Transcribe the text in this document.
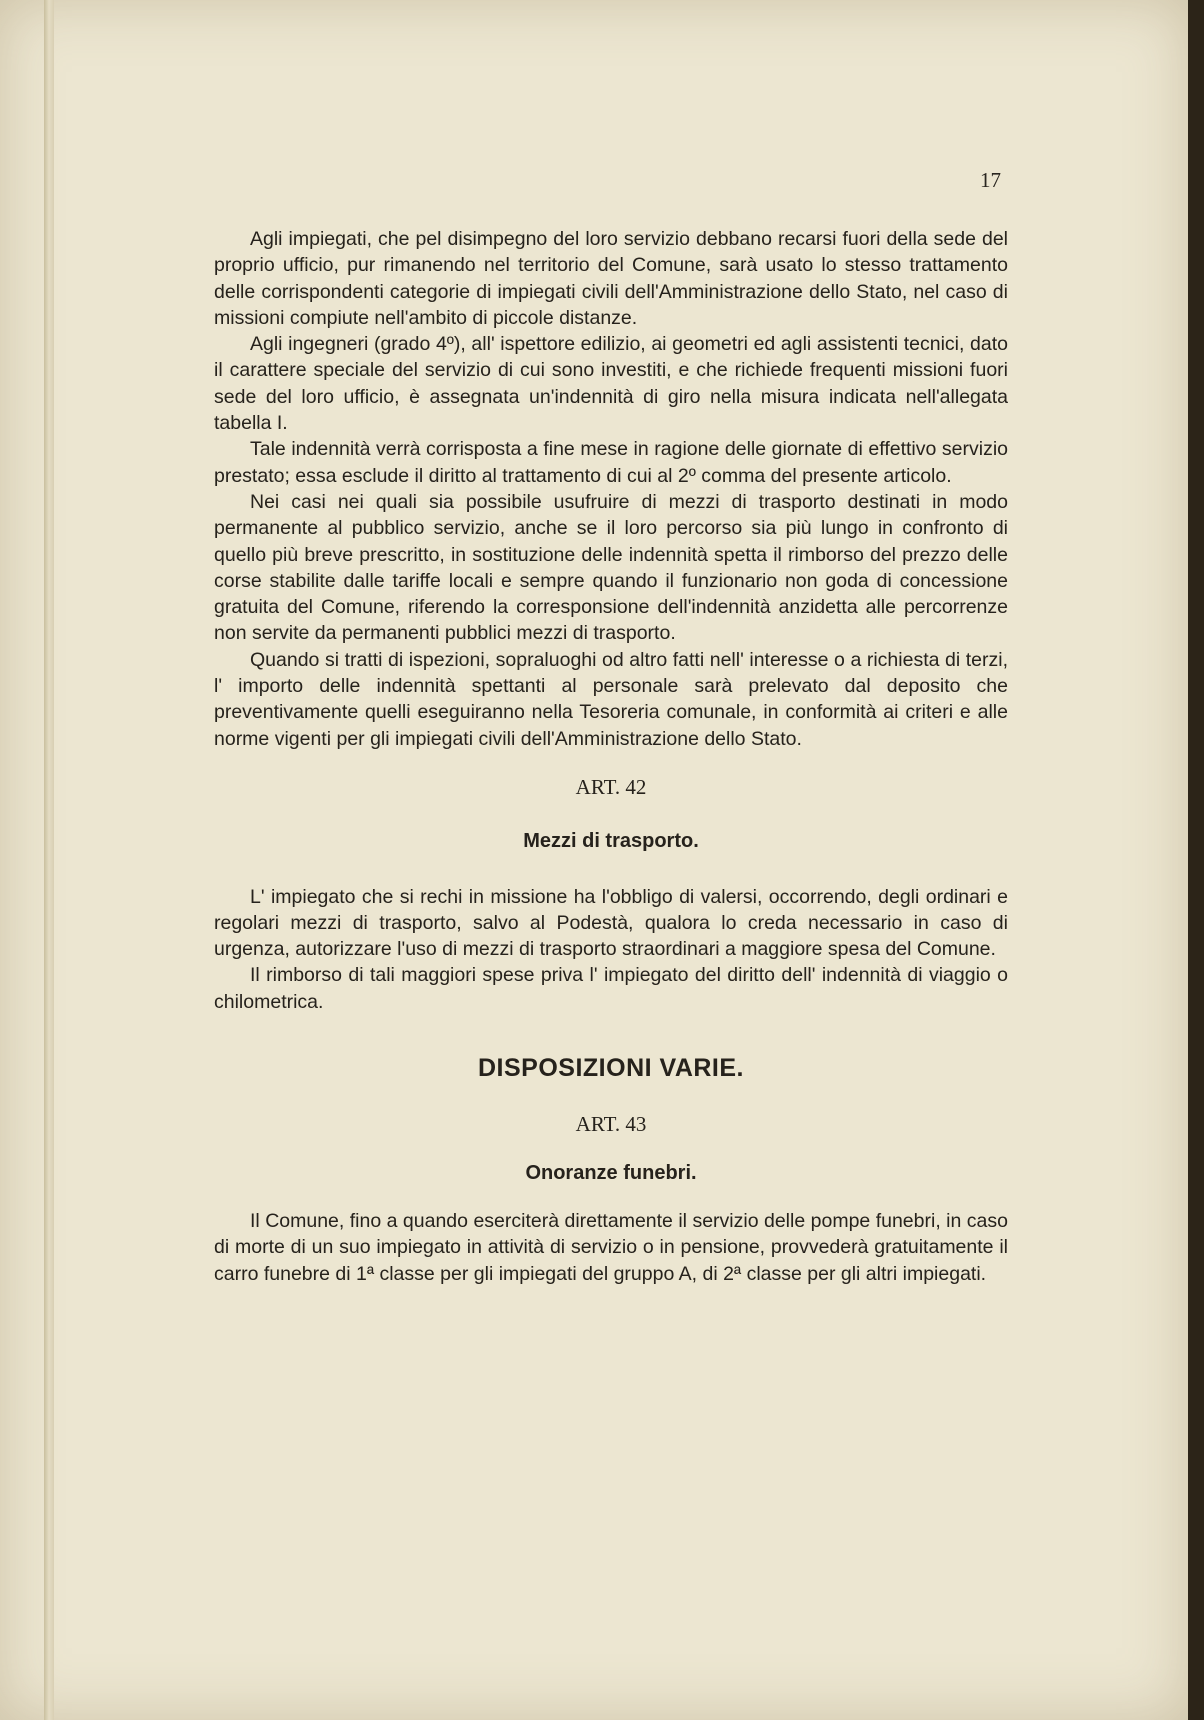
17

Agli impiegati, che pel disimpegno del loro servizio debbano recarsi fuori della sede del proprio ufficio, pur rimanendo nel territorio del Comune, sarà usato lo stesso trattamento delle corrispondenti categorie di impiegati civili dell'Amministrazione dello Stato, nel caso di missioni compiute nell'ambito di piccole distanze.

Agli ingegneri (grado 4º), all' ispettore edilizio, ai geometri ed agli assistenti tecnici, dato il carattere speciale del servizio di cui sono investiti, e che richiede frequenti missioni fuori sede del loro ufficio, è assegnata un'indennità di giro nella misura indicata nell'allegata tabella I.

Tale indennità verrà corrisposta a fine mese in ragione delle giornate di effettivo servizio prestato; essa esclude il diritto al trattamento di cui al 2º comma del presente articolo.

Nei casi nei quali sia possibile usufruire di mezzi di trasporto destinati in modo permanente al pubblico servizio, anche se il loro percorso sia più lungo in confronto di quello più breve prescritto, in sostituzione delle indennità spetta il rimborso del prezzo delle corse stabilite dalle tariffe locali e sempre quando il funzionario non goda di concessione gratuita del Comune, riferendo la corresponsione dell'indennità anzidetta alle percorrenze non servite da permanenti pubblici mezzi di trasporto.

Quando si tratti di ispezioni, sopraluoghi od altro fatti nell' interesse o a richiesta di terzi, l' importo delle indennità spettanti al personale sarà prelevato dal deposito che preventivamente quelli eseguiranno nella Tesoreria comunale, in conformità ai criteri e alle norme vigenti per gli impiegati civili dell'Amministrazione dello Stato.

ART. 42
Mezzi di trasporto.

L' impiegato che si rechi in missione ha l'obbligo di valersi, occorrendo, degli ordinari e regolari mezzi di trasporto, salvo al Podestà, qualora lo creda necessario in caso di urgenza, autorizzare l'uso di mezzi di trasporto straordinari a maggiore spesa del Comune.

Il rimborso di tali maggiori spese priva l' impiegato del diritto dell' indennità di viaggio o chilometrica.

DISPOSIZIONI VARIE.
ART. 43
Onoranze funebri.

Il Comune, fino a quando eserciterà direttamente il servizio delle pompe funebri, in caso di morte di un suo impiegato in attività di servizio o in pensione, provvederà gratuitamente il carro funebre di 1ª classe per gli impiegati del gruppo A, di 2ª classe per gli altri impiegati.
